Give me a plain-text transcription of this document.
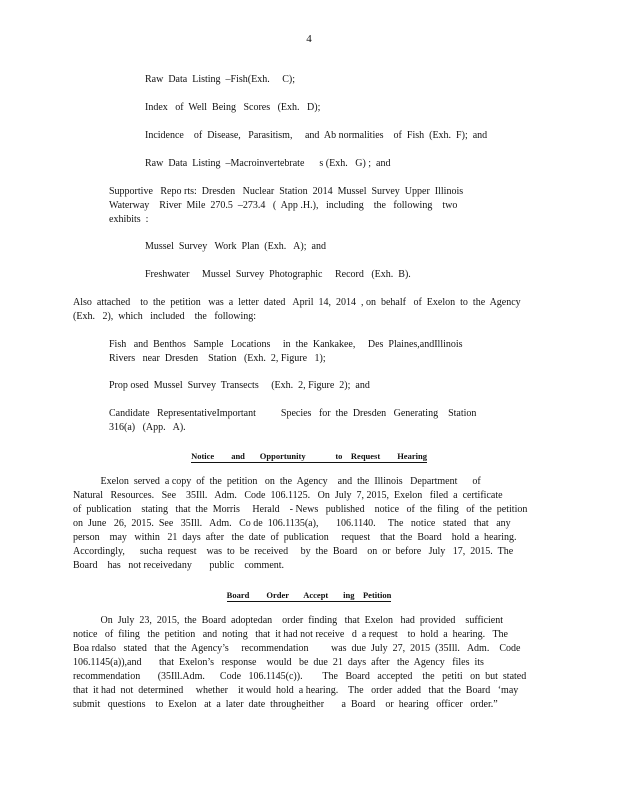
4
Raw  Data  Listing  –Fish(Exh.     C);
Index   of  Well  Being   Scores   (Exh.   D);
Incidence    of  Disease,   Parasitism,     and  Ab normalities    of  Fish  (Exh.  F);  and
Raw  Data  Listing  –Macroinvertebrate      s (Exh.   G) ;  and
Supportive   Repo rts:  Dresden   Nuclear  Station  2014  Mussel  Survey  Upper  Illinois
Waterway    River  Mile  270.5  –273.4   (  App .H.),   including    the   following    two
exhibits  :
Mussel  Survey   Work  Plan  (Exh.   A);  and
Freshwater     Mussel  Survey  Photographic     Record   (Exh.  B).
Also  attached    to  the  petition   was  a  letter  dated   April  14,  2014  , on  behalf   of  Exelon  to  the  Agency
(Exh.   2),  which   included    the   following:
Fish   and  Benthos   Sample   Locations     in  the  Kankakee,     Des  Plaines,andIllinois
Rivers   near  Dresden    Station   (Exh.  2, Figure   1);
Prop osed  Mussel  Survey  Transects     (Exh.  2, Figure  2);  and
Candidate   RepresentativeImportant          Species   for  the  Dresden   Generating    Station
316(a)   (App.   A).
Notice        and       Opportunity              to    Request        Hearing
Exelon  served  a copy  of  the  petition   on  the  Agency    and  the  Illinois   Department      of
Natural   Resources.   See    35Ill.   Adm.   Code  106.1125.   On  July  7, 2015,  Exelon   filed  a  certificate
of  publication    stating   that  the  Morris     Herald    - News   published    notice   of  the  filing   of  the  petition
on  June   26,  2015.  See   35Ill.   Adm.   Co de  106.1135(a),       106.1140.     The   notice   stated   that   any
person    may   within   21  days  after   the  date  of  publication     request    that  the  Board    hold  a  hearing.
Accordingly,      sucha  request    was  to  be  received     by  the  Board    on  or  before   July   17,  2015.  The
Board    has   not receivedany       public    comment.
Board        Order       Accept       ing    Petition
On  July  23,  2015,  the  Board  adoptedan    order  finding   that  Exelon   had  provided    sufficient
notice   of  filing   the  petition   and  noting   that  it had not receive   d  a request    to  hold  a  hearing.   The
Boa rdalso   stated   that  the  Agency’s     recommendation         was  due  July  27,  2015  (35Ill.   Adm.    Code
106.1145(a)),and       that  Exelon’s   response    would   be  due  21  days  after   the  Agency   files  its
recommendation       (35Ill.Adm.      Code   106.1145(c)).        The   Board   accepted    the   petiti   on  but  stated
that  it had  not  determined     whether    it would  hold  a hearing.    The   order  added   that  the  Board   ‘may
submit   questions    to  Exelon   at  a  later  date  througheither       a  Board    or  hearing   officer   order.”
